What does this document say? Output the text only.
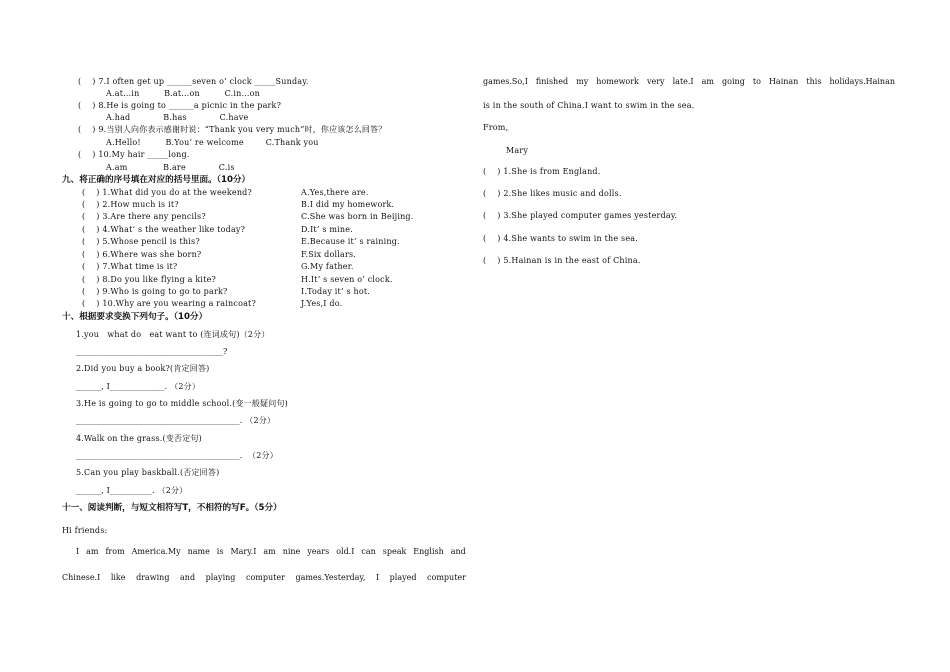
(    ) 7.I often get up ______seven o’ clock _____Sunday.
A.at…in         B.at…on         C.in…on
(    ) 8.He is going to ______a picnic in the park?
A.had            B.has            C.have
(    ) 9.当别人向你表示感谢时说：“Thank you very much”时，你应该怎么回答？
A.Hello!         B.You’ re welcome        C.Thank you
(    ) 10.My hair _____long.
A.am             B.are            C.is
九、将正确的序号填在对应的括号里面。（10分）
(    ) 1.What did you do at the weekend?
(    ) 2.How much is it?
(    ) 3.Are there any pencils?
(    ) 4.What’ s the weather like today?
(    ) 5.Whose pencil is this?
(    ) 6.Where was she born?
(    ) 7.What time is it?
(    ) 8.Do you like flying a kite?
(    ) 9.Who is going to go to park?
(    ) 10.Why are you wearing a raincoat?
A.Yes,there are.
B.I did my homework.
C.She was born in Beijing.
D.It’ s mine.
E.Because it’ s raining.
F.Six dollars.
G.My father.
H.It’ s seven o’ clock.
I.Today it’ s hot.
J.Yes,I do.
十、根据要求变换下列句子。（10分）
1.you   what do   eat want to (连词成句)（2分）
___________________________________?
2.Did you buy a book?(肯定回答)
______, I_____________. （2分）
3.He is going to go to middle school.(变一般疑问句)
_______________________________________. （2分）
4.Walk on the grass.(变否定句)
_______________________________________.  （2分）
5.Can you play baskball.(否定回答)
______, I__________. （2分）
十一、阅读判断，与短文相符写T，不相符的写F。（5分）
Hi friends:
I am from America.My name is Mary.I am nine years old.I can speak English and
Chinese.I like drawing and playing computer games.Yesterday, I played computer
games.So,I finished my homework very late.I am going to Hainan this holidays.Hainan
is in the south of China.I want to swim in the sea.
From,
Mary
(    ) 1.She is from England.
(    ) 2.She likes music and dolls.
(    ) 3.She played computer games yesterday.
(    ) 4.She wants to swim in the sea.
(    ) 5.Hainan is in the east of China.
